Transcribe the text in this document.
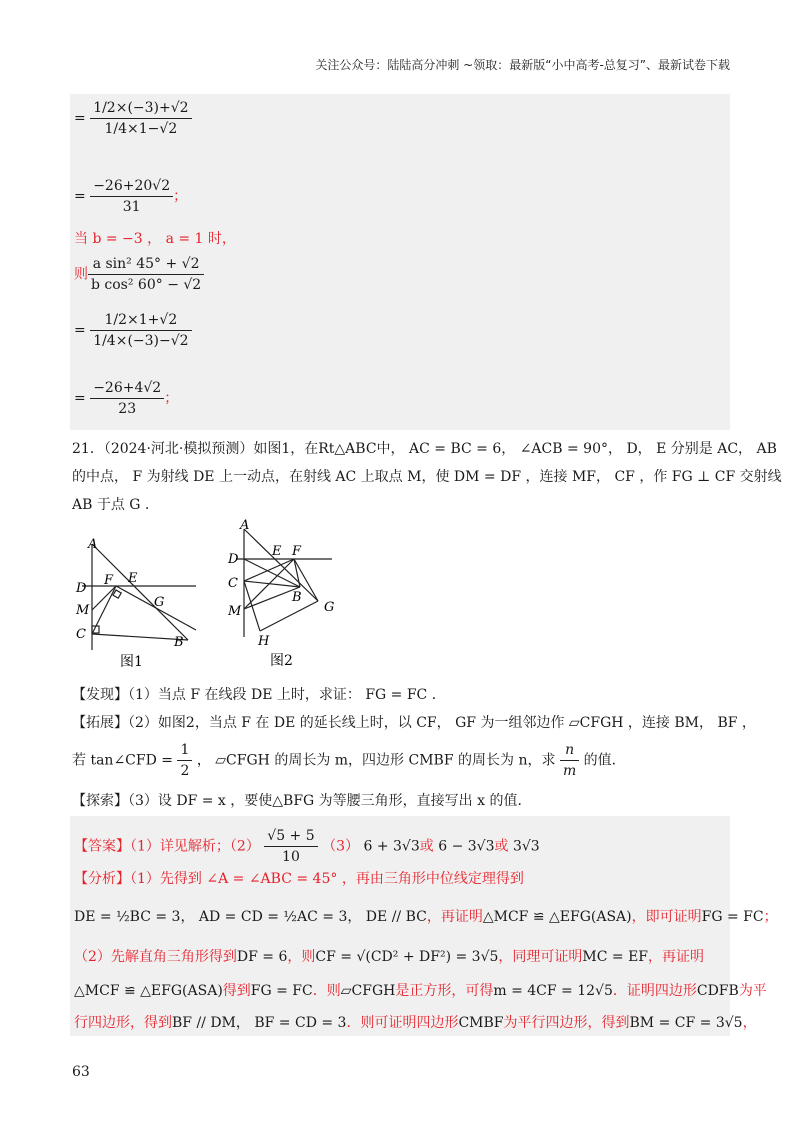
关注公众号：陆陆高分冲刺 ~领取：最新版“小中高考-总复习”、最新试卷下载
= $\frac{1/2\times(-3)+√2}{1/4\times 1-√2}$
= $\frac{-26+20√2}{31}$ ；
当 b = −3 ， a = 1 时，
则 $\frac{\text{a sin² 45° + √2}}{\text{b cos² 60° − √2}}$
= $\frac{1/2\times 1+√2}{1/4\times(-3)-√2}$
= $\frac{-26+4√2}{23}$ ；
21．（2024·河北·模拟预测）如图1，在Rt△ABC中， AC = BC = 6， ∠ACB = 90°， D， E 分别是 AC， AB
的中点， F 为射线 DE 上一动点，在射线 AC 上取点 M，使 DM = DF ，连接 MF， CF ，作 FG ⊥ CF 交射线
AB 于点 G .
A
D
F E
G
M
C
B
图1
A
D
E F
C
B
M	G
H
图2
【发现】（1）当点 F 在线段 DE 上时，求证： FG = FC ．
【拓展】（2）如图2，当点 F 在 DE 的延长线上时，以 CF， GF 为一组邻边作 ▱CFGH ，连接 BM， BF ，
若 tan∠CFD = $\frac{1}{2}$ ， ▱CFGH 的周长为 m，四边形 CMBF 的周长为 n，求 $\frac{n}{m}$ 的值．
【探索】（3）设 DF = x ，要使△BFG 为等腰三角形，直接写出 x 的值．
【答案】（1）详见解析；$(2) \frac{√5 + 5}{10} (3) 6 + 3√3$或 6 − 3√3或 3√3
【分析】（1）先得到 ∠A = ∠ABC = 45° ，再由三角形中位线定理得到
DE = ½BC = 3， AD = CD = ½AC = 3， DE // BC，再证明△MCF ≌ △EFG(ASA)，即可证明FG = FC；
（2）先解直角三角形得到DF = 6，则CF = √(CD² + DF²) = 3√5，同理可证明MC = EF，再证明
△MCF ≌ △EFG(ASA)得到FG = FC．则▱CFGH是正方形，可得m = 4CF = 12√5．证明四边形CDFB为平
行四边形，得到BF // DM， BF = CD = 3．则可证明四边形CMBF为平行四边形，得到BM = CF = 3√5，
63
